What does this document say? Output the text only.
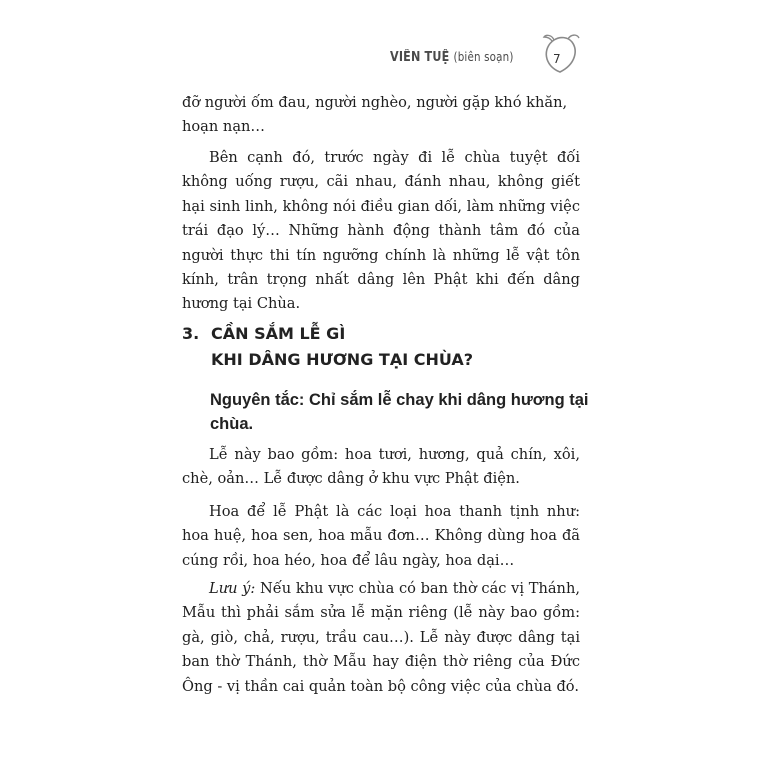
VIÊN TUỆ (biên soạn)	7

đỡ người ốm đau, người nghèo, người gặp khó khăn, hoạn nạn…

Bên cạnh đó, trước ngày đi lễ chùa tuyệt đối không uống rượu, cãi nhau, đánh nhau, không giết hại sinh linh, không nói điều gian dối, làm những việc trái đạo lý… Những hành động thành tâm đó của người thực thi tín ngưỡng chính là những lễ vật tôn kính, trân trọng nhất dâng lên Phật khi đến dâng hương tại Chùa.

3. CẦN SẮM LỄ GÌ
KHI DÂNG HƯƠNG TẠI CHÙA?
Nguyên tắc: Chỉ sắm lễ chay khi dâng hương tại chùa.

Lễ này bao gồm: hoa tươi, hương, quả chín, xôi, chè, oản… Lễ được dâng ở khu vực Phật điện.

Hoa để lễ Phật là các loại hoa thanh tịnh như: hoa huệ, hoa sen, hoa mẫu đơn… Không dùng hoa đã cúng rồi, hoa héo, hoa để lâu ngày, hoa dại…

Lưu ý: Nếu khu vực chùa có ban thờ các vị Thánh, Mẫu thì phải sắm sửa lễ mặn riêng (lễ này bao gồm: gà, giò, chả, rượu, trầu cau…). Lễ này được dâng tại ban thờ Thánh, thờ Mẫu hay điện thờ riêng của Đức Ông - vị thần cai quản toàn bộ công việc của chùa đó.
